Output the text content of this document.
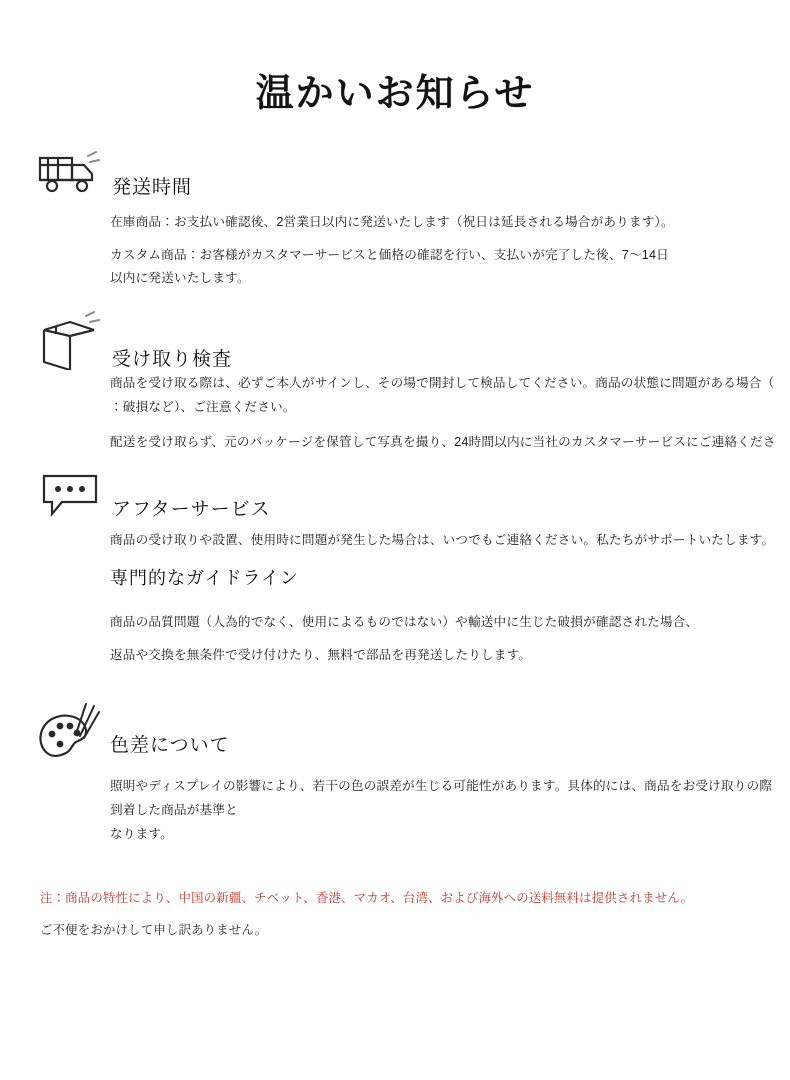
温かいお知らせ
発送時間

在庫商品：お支払い確認後、2営業日以内に発送いたします（祝日は延長される場合があります）。

カスタム商品：お客様がカスタマーサービスと価格の確認を行い、支払いが完了した後、7〜14日

以内に発送いたします。

受け取り検査

商品を受け取る際は、必ずご本人がサインし、その場で開封して検品してください。商品の状態に問題がある場合（

：破損など）、ご注意ください。

配送を受け取らず、元のパッケージを保管して写真を撮り、24時間以内に当社のカスタマーサービスにご連絡くださ

アフターサービス

商品の受け取りや設置、使用時に問題が発生した場合は、いつでもご連絡ください。私たちがサポートいたします。

専門的なガイドライン

商品の品質問題（人為的でなく、使用によるものではない）や輸送中に生じた破損が確認された場合、

返品や交換を無条件で受け付けたり、無料で部品を再発送したりします。

色差について

照明やディスプレイの影響により、若干の色の誤差が生じる可能性があります。具体的には、商品をお受け取りの際

到着した商品が基準と

なります。

注：商品の特性により、中国の新疆、チベット、香港、マカオ、台湾、および海外への送料無料は提供されません。
ご不便をおかけして申し訳ありません。
